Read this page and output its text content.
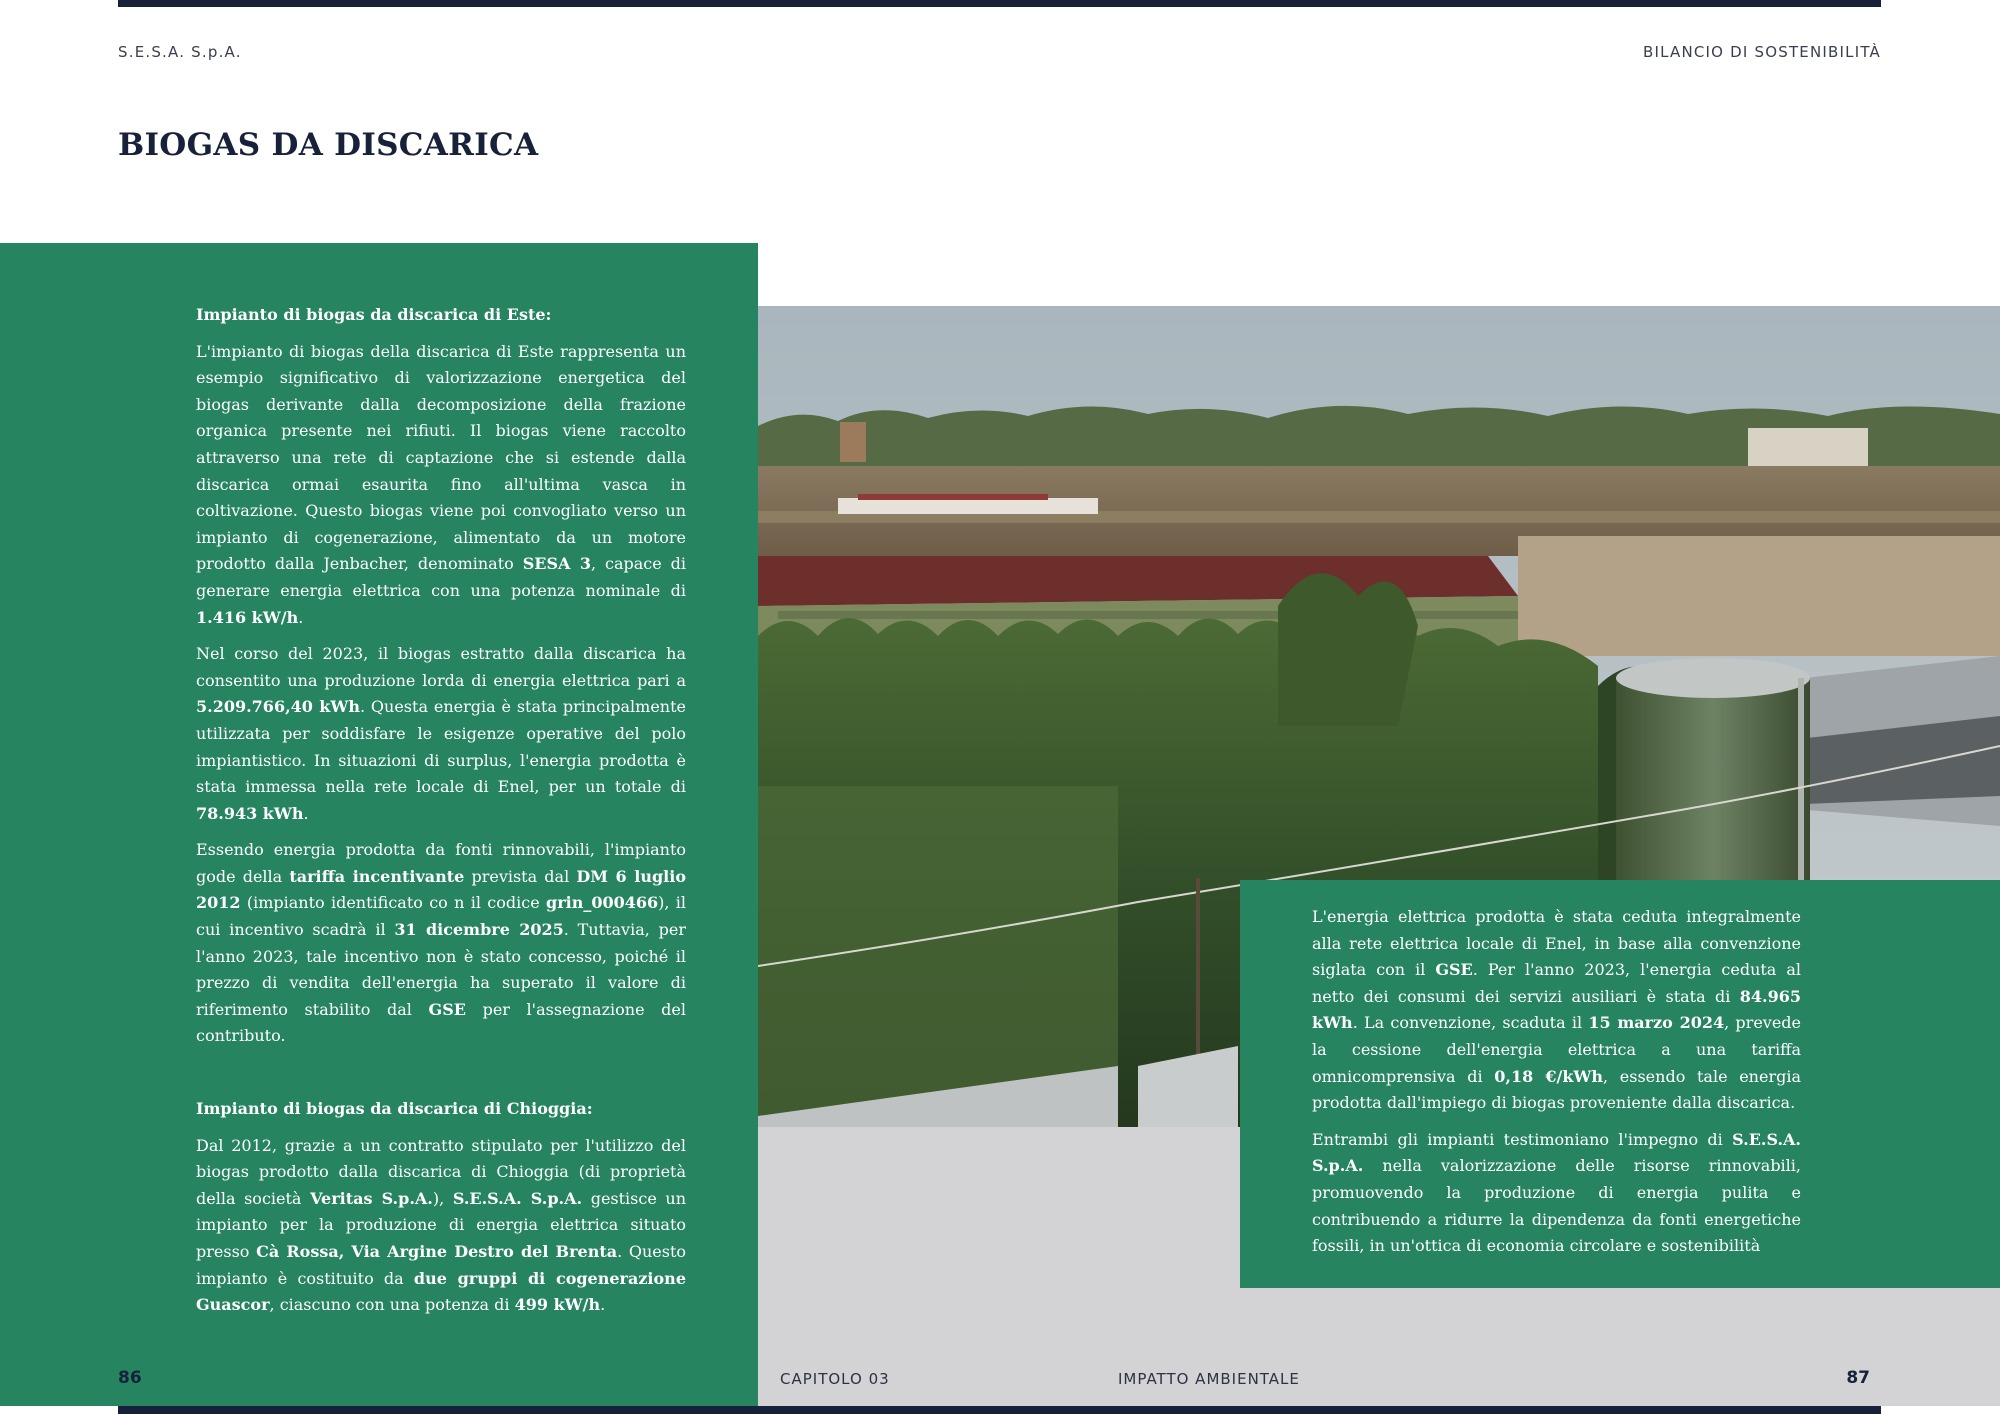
S.E.S.A. S.p.A.	BILANCIO DI SOSTENIBILITÀ
BIOGAS DA DISCARICA
Impianto di biogas da discarica di Este:

L'impianto di biogas della discarica di Este rappresenta un esempio significativo di valorizzazione energetica del biogas derivante dalla decomposizione della frazione organica presente nei rifiuti. Il biogas viene raccolto attraverso una rete di captazione che si estende dalla discarica ormai esaurita fino all'ultima vasca in coltivazione. Questo biogas viene poi convogliato verso un impianto di cogenerazione, alimentato da un motore prodotto dalla Jenbacher, denominato SESA 3, capace di generare energia elettrica con una potenza nominale di 1.416 kW/h.

Nel corso del 2023, il biogas estratto dalla discarica ha consentito una produzione lorda di energia elettrica pari a 5.209.766,40 kWh. Questa energia è stata principalmente utilizzata per soddisfare le esigenze operative del polo impiantistico. In situazioni di surplus, l'energia prodotta è stata immessa nella rete locale di Enel, per un totale di 78.943 kWh.

Essendo energia prodotta da fonti rinnovabili, l'impianto gode della tariffa incentivante prevista dal DM 6 luglio 2012 (impianto identificato co n il codice grin_000466), il cui incentivo scadrà il 31 dicembre 2025. Tuttavia, per l'anno 2023, tale incentivo non è stato concesso, poiché il prezzo di vendita dell'energia ha superato il valore di riferimento stabilito dal GSE per l'assegnazione del contributo.

Impianto di biogas da discarica di Chioggia:

Dal 2012, grazie a un contratto stipulato per l'utilizzo del biogas prodotto dalla discarica di Chioggia (di proprietà della società Veritas S.p.A.), S.E.S.A. S.p.A. gestisce un impianto per la produzione di energia elettrica situato presso Cà Rossa, Via Argine Destro del Brenta. Questo impianto è costituito da due gruppi di cogenerazione Guascor, ciascuno con una potenza di 499 kW/h.

L'energia elettrica prodotta è stata ceduta integralmente alla rete elettrica locale di Enel, in base alla convenzione siglata con il GSE. Per l'anno 2023, l'energia ceduta al netto dei consumi dei servizi ausiliari è stata di 84.965 kWh. La convenzione, scaduta il 15 marzo 2024, prevede la cessione dell'energia elettrica a una tariffa omnicomprensiva di 0,18 €/kWh, essendo tale energia prodotta dall'impiego di biogas proveniente dalla discarica.

Entrambi gli impianti testimoniano l'impegno di S.E.S.A. S.p.A. nella valorizzazione delle risorse rinnovabili, promuovendo la produzione di energia pulita e contribuendo a ridurre la dipendenza da fonti energetiche fossili, in un'ottica di economia circolare e sostenibilità

86	CAPITOLO 03	IMPATTO AMBIENTALE	87
